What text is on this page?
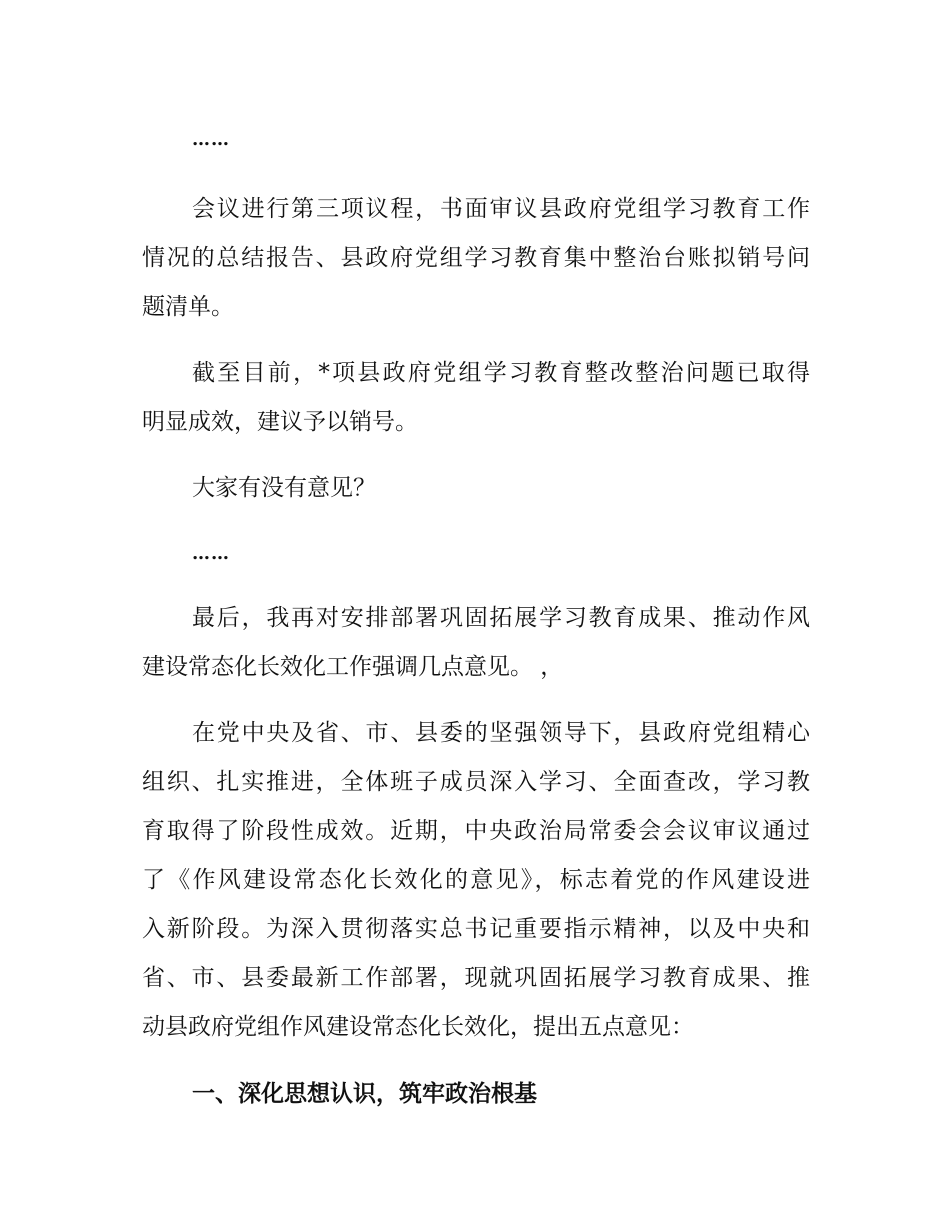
……
会议进行第三项议程，书面审议县政府党组学习教育工作
情况的总结报告、县政府党组学习教育集中整治台账拟销号问
题清单。
截至目前，*项县政府党组学习教育整改整治问题已取得
明显成效，建议予以销号。
大家有没有意见？
……
最后，我再对安排部署巩固拓展学习教育成果、推动作风
建设常态化长效化工作强调几点意见。 ，
在党中央及省、市、县委的坚强领导下，县政府党组精心
组织、扎实推进，全体班子成员深入学习、全面查改，学习教
育取得了阶段性成效。近期，中央政治局常委会会议审议通过
了《作风建设常态化长效化的意见》，标志着党的作风建设进
入新阶段。为深入贯彻落实总书记重要指示精神，以及中央和
省、市、县委最新工作部署，现就巩固拓展学习教育成果、推
动县政府党组作风建设常态化长效化，提出五点意见：
一、深化思想认识，筑牢政治根基
